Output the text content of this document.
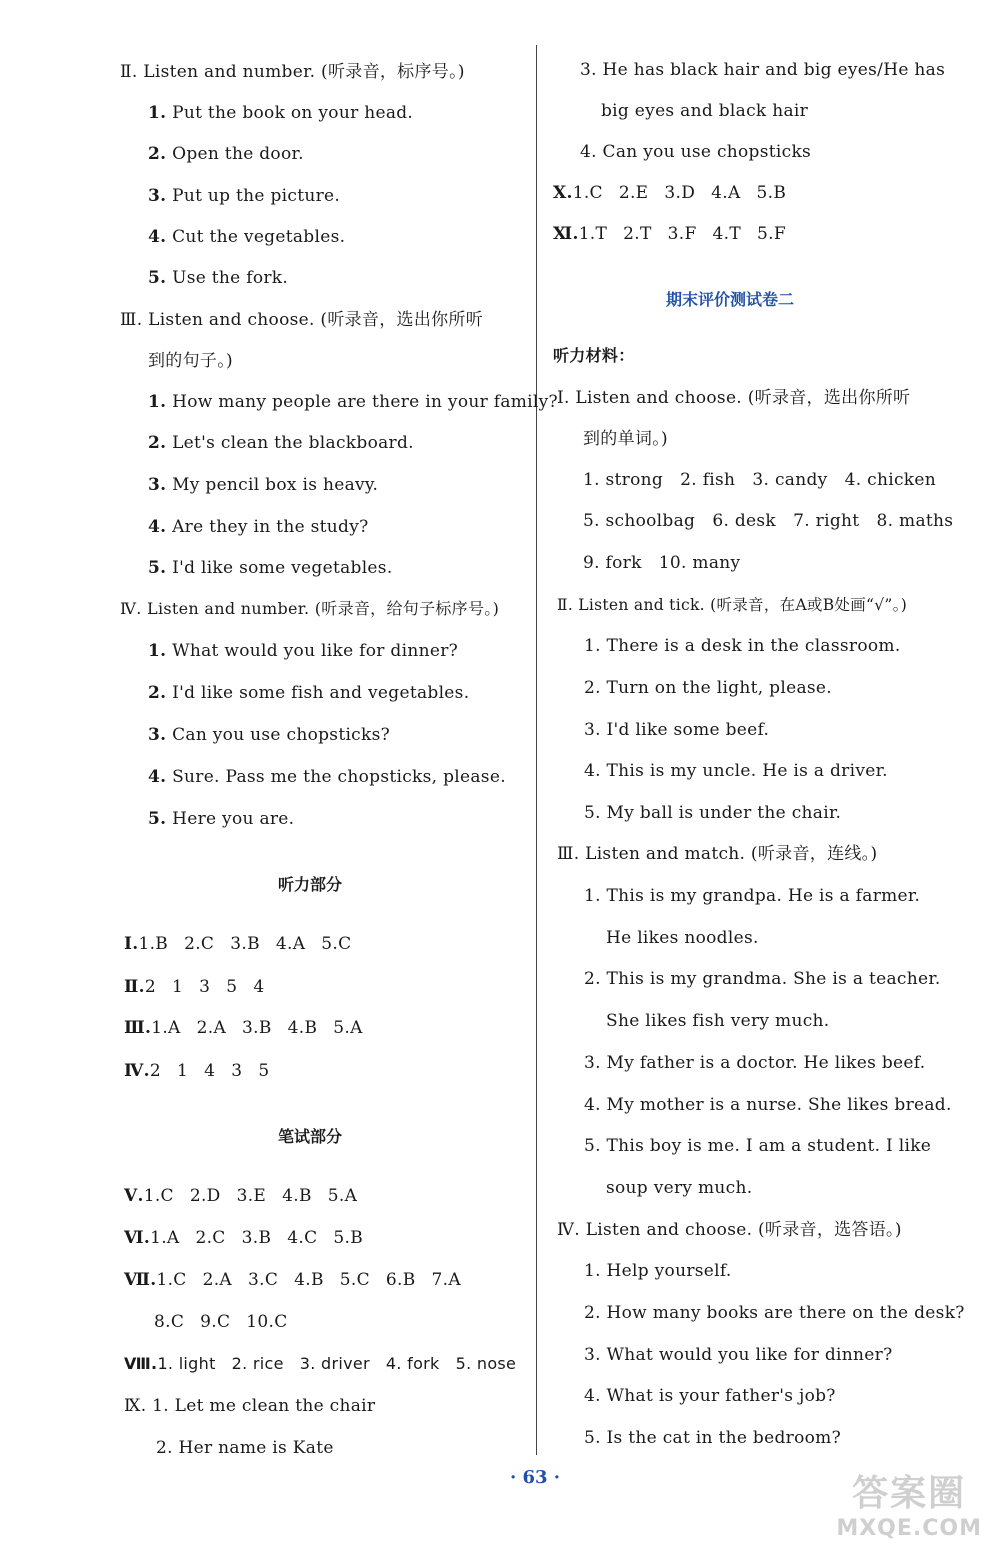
Ⅱ. Listen and number. (听录音，标序号。)
1. Put the book on your head.
2. Open the door.
3. Put up the picture.
4. Cut the vegetables.
5. Use the fork.
Ⅲ. Listen and choose. (听录音，选出你所听
到的句子。)
1. How many people are there in your family?
2. Let's clean the blackboard.
3. My pencil box is heavy.
4. Are they in the study?
5. I'd like some vegetables.
Ⅳ. Listen and number. (听录音，给句子标序号。)
1. What would you like for dinner?
2. I'd like some fish and vegetables.
3. Can you use chopsticks?
4. Sure. Pass me the chopsticks, please.
5. Here you are.
听力部分
Ⅰ.1.B 2.C 3.B 4.A 5.C
Ⅱ.2 1 3 5 4
Ⅲ.1.A 2.A 3.B 4.B 5.A
Ⅳ.2 1 4 3 5
笔试部分
Ⅴ.1.C 2.D 3.E 4.B 5.A
Ⅵ.1.A 2.C 3.B 4.C 5.B
Ⅶ.1.C 2.A 3.C 4.B 5.C 6.B 7.A
8.C 9.C 10.C
Ⅷ.1. light 2. rice 3. driver 4. fork 5. nose
Ⅸ. 1. Let me clean the chair
2. Her name is Kate
3. He has black hair and big eyes/He has
big eyes and black hair
4. Can you use chopsticks
Ⅹ.1.C 2.E 3.D 4.A 5.B
Ⅺ.1.T 2.T 3.F 4.T 5.F
期末评价测试卷二
听力材料：
Ⅰ. Listen and choose. (听录音，选出你所听
到的单词。)
1. strong   2. fish   3. candy   4. chicken
5. schoolbag   6. desk   7. right   8. maths
9. fork   10. many
Ⅱ. Listen and tick. (听录音，在A或B处画“√”。)
1. There is a desk in the classroom.
2. Turn on the light, please.
3. I'd like some beef.
4. This is my uncle. He is a driver.
5. My ball is under the chair.
Ⅲ. Listen and match. (听录音，连线。)
1. This is my grandpa. He is a farmer.
He likes noodles.
2. This is my grandma. She is a teacher.
She likes fish very much.
3. My father is a doctor. He likes beef.
4. My mother is a nurse. She likes bread.
5. This boy is me. I am a student. I like
soup very much.
Ⅳ. Listen and choose. (听录音，选答语。)
1. Help yourself.
2. How many books are there on the desk?
3. What would you like for dinner?
4. What is your father's job?
5. Is the cat in the bedroom?
· 63 ·	答案圈
MXQE.COM
